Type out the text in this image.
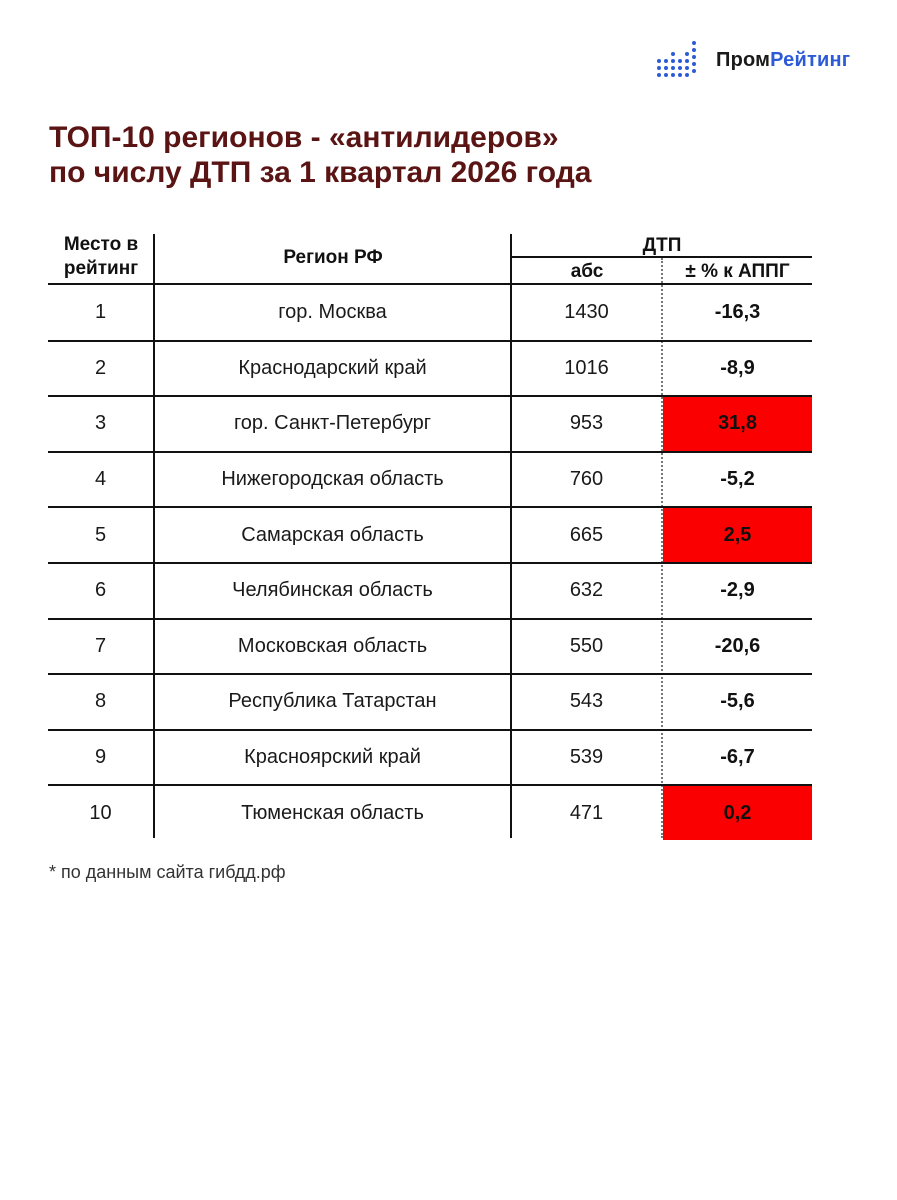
ПромРейтинг
ТОП-10 регионов - «антилидеров»
по числу ДТП за 1 квартал 2026 года
Место в
рейтинг
Регион РФ
ДТП
абс	± % к АППГ
1	гор. Москва	1430	-16,3
2	Краснодарский край	1016	-8,9
3	гор. Санкт-Петербург	953	31,8
4	Нижегородская область	760	-5,2
5	Самарская область	665	2,5
6	Челябинская область	632	-2,9
7	Московская область	550	-20,6
8	Республика Татарстан	543	-5,6
9	Красноярский край	539	-6,7
10	Тюменская область	471	0,2
* по данным сайта гибдд.рф
